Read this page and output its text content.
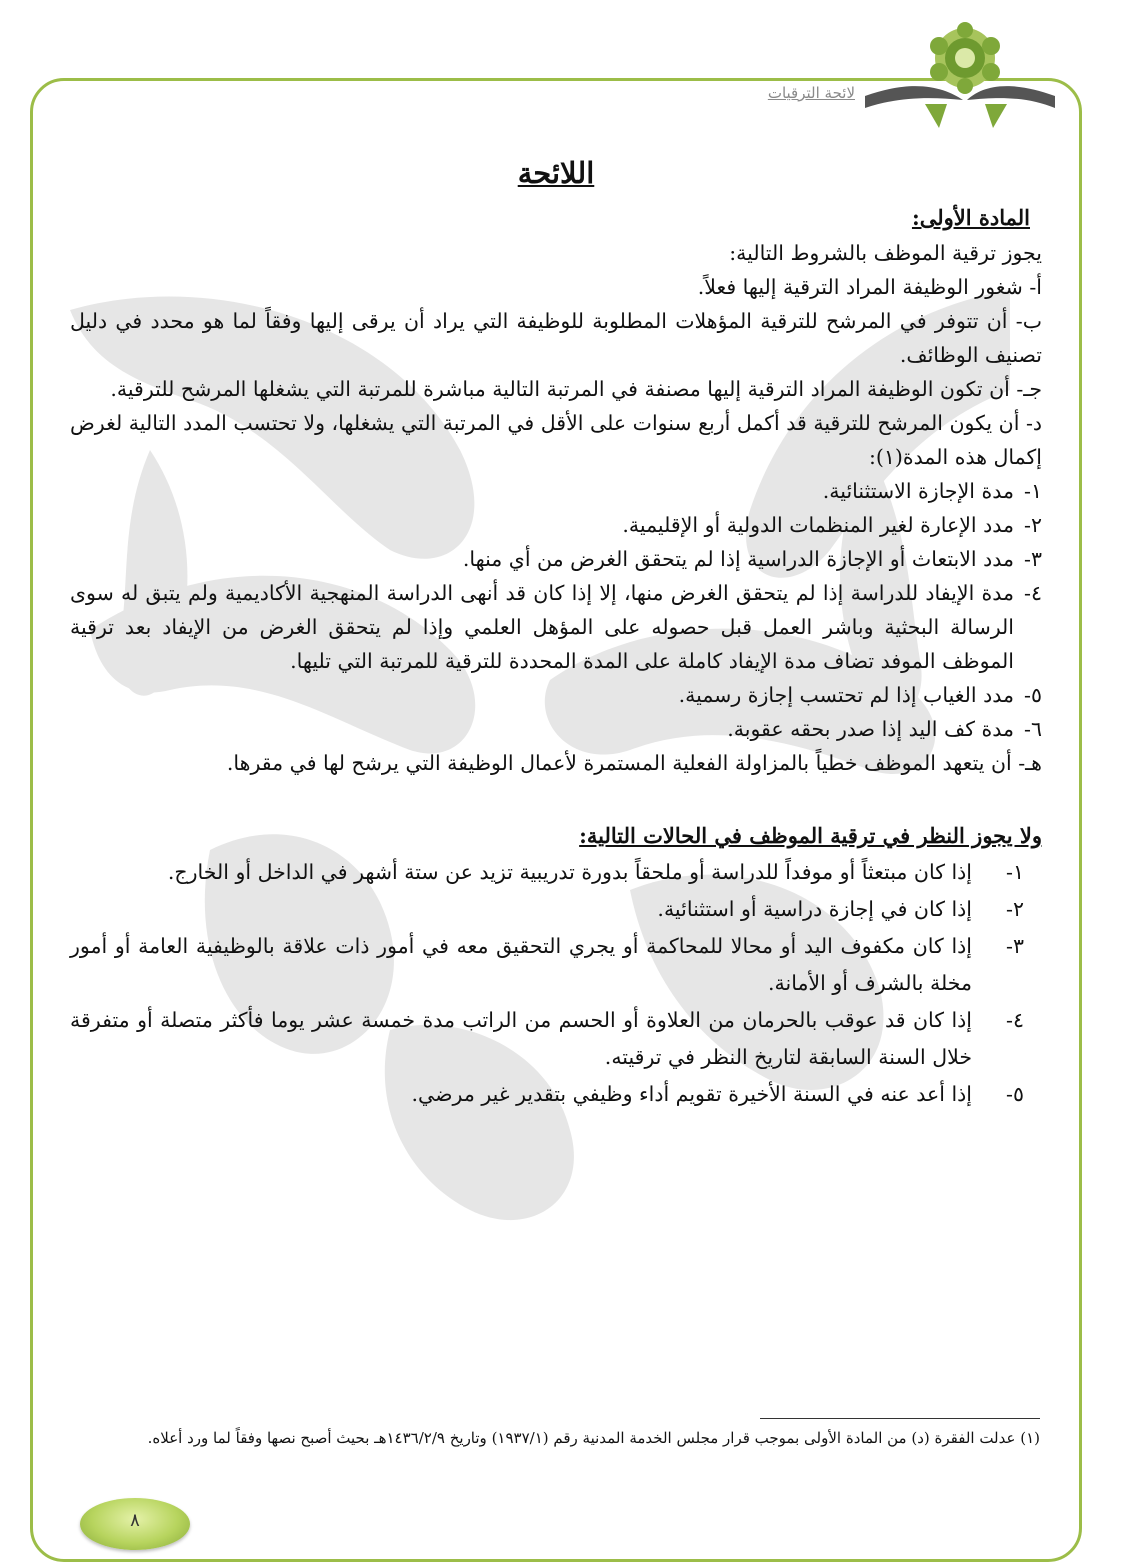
لائحة الترقيات
اللائحة
المادة الأولى:
يجوز ترقية الموظف بالشروط التالية:
أ- شغور الوظيفة المراد الترقية إليها فعلاً.
ب- أن تتوفر في المرشح للترقية المؤهلات المطلوبة للوظيفة التي يراد أن يرقى إليها وفقاً لما هو محدد في دليل تصنيف الوظائف.
جـ- أن تكون الوظيفة المراد الترقية إليها مصنفة في المرتبة التالية مباشرة للمرتبة التي يشغلها المرشح للترقية.
د- أن يكون المرشح للترقية قد أكمل أربع سنوات على الأقل في المرتبة التي يشغلها، ولا تحتسب المدد التالية لغرض إكمال هذه المدة(١):
١-
مدة الإجازة الاستثنائية.
٢-
مدد الإعارة لغير المنظمات الدولية أو الإقليمية.
٣-
مدد الابتعاث أو الإجازة الدراسية إذا لم يتحقق الغرض من أي منها.
٤-
مدة الإيفاد للدراسة إذا لم يتحقق الغرض منها، إلا إذا كان قد أنهى الدراسة المنهجية الأكاديمية ولم يتبق له سوى الرسالة البحثية وباشر العمل قبل حصوله على المؤهل العلمي وإذا لم يتحقق الغرض من الإيفاد بعد ترقية الموظف الموفد تضاف مدة الإيفاد كاملة على المدة المحددة للترقية للمرتبة التي تليها.
٥-
مدد الغياب إذا لم تحتسب إجازة رسمية.
٦-
مدة كف اليد إذا صدر بحقه عقوبة.
هـ- أن يتعهد الموظف خطياً بالمزاولة الفعلية المستمرة لأعمال الوظيفة التي يرشح لها في مقرها.
ولا يجوز النظر في ترقية الموظف في الحالات التالية:
١-
إذا كان مبتعثاً أو موفداً للدراسة أو ملحقاً بدورة تدريبية تزيد عن ستة أشهر في الداخل أو الخارج.
٢-
إذا كان في إجازة دراسية أو استثنائية.
٣-
إذا كان مكفوف اليد أو محالا للمحاكمة أو يجري التحقيق معه في أمور ذات علاقة بالوظيفية العامة أو أمور مخلة بالشرف أو الأمانة.
٤-
إذا كان قد عوقب بالحرمان من العلاوة أو الحسم من الراتب مدة خمسة عشر يوما فأكثر متصلة أو متفرقة خلال السنة السابقة لتاريخ النظر في ترقيته.
٥-
إذا أعد عنه في السنة الأخيرة تقويم أداء وظيفي بتقدير غير مرضي.
(١) عدلت الفقرة (د) من المادة الأولى بموجب قرار مجلس الخدمة المدنية رقم (١٩٣٧/١) وتاريخ ١٤٣٦/٢/٩هـ بحيث أصبح نصها وفقاً لما ورد أعلاه.
٨
